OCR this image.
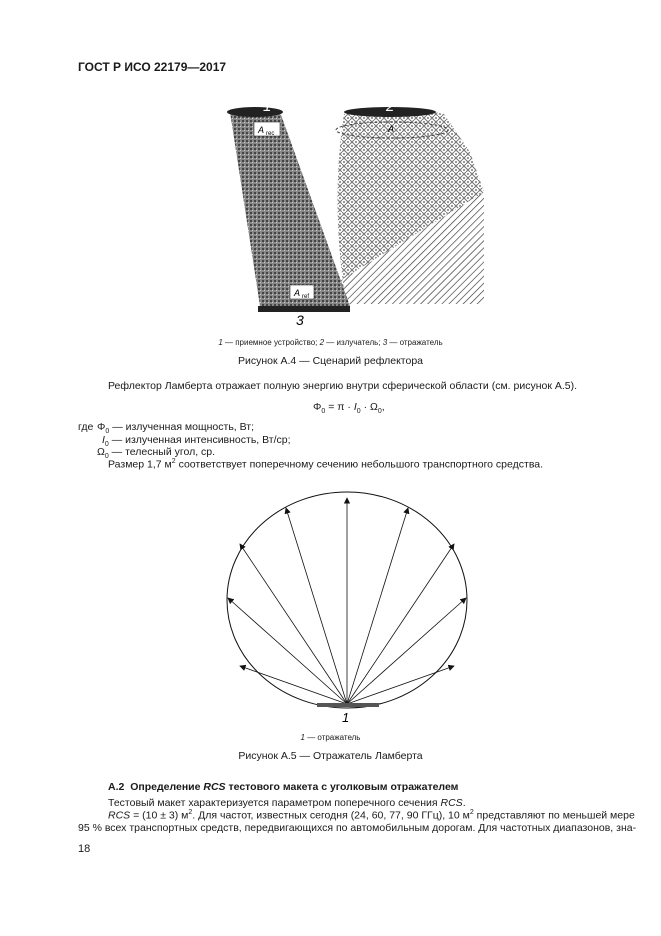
ГОСТ Р ИСО 22179—2017
A rec	A
A ref
1	2
3
1 — приемное устройство; 2 — излучатель; 3 — отражатель
Рисунок А.4 — Сценарий рефлектора
Рефлектор Ламберта отражает полную энергию внутри сферической области (см. рисунок А.5).
$\Phi_0 = \pi \cdot I_0 \cdot \Omega_0$,
где $\Phi_0$ — излученная мощность, Вт;
$I_0$ — излученная интенсивность, Вт/ср;
$\Omega_0$ — телесный угол, ср.
Размер 1,7 $м^2$ соответствует поперечному сечению небольшого транспортного средства.
1
1 — отражатель
Рисунок А.5 — Отражатель Ламберта
А.2 Определение RCS тестового макета с уголковым отражателем
Тестовый макет характеризуется параметром поперечного сечения RCS.
RCS = (10 ± 3) $м^2$. Для частот, известных сегодня (24, 60, 77, 90 ГГц), 10 $м^2$ представляют по меньшей мере
95 % всех транспортных средств, передвигающихся по автомобильным дорогам. Для частотных диапазонов, зна-
18
